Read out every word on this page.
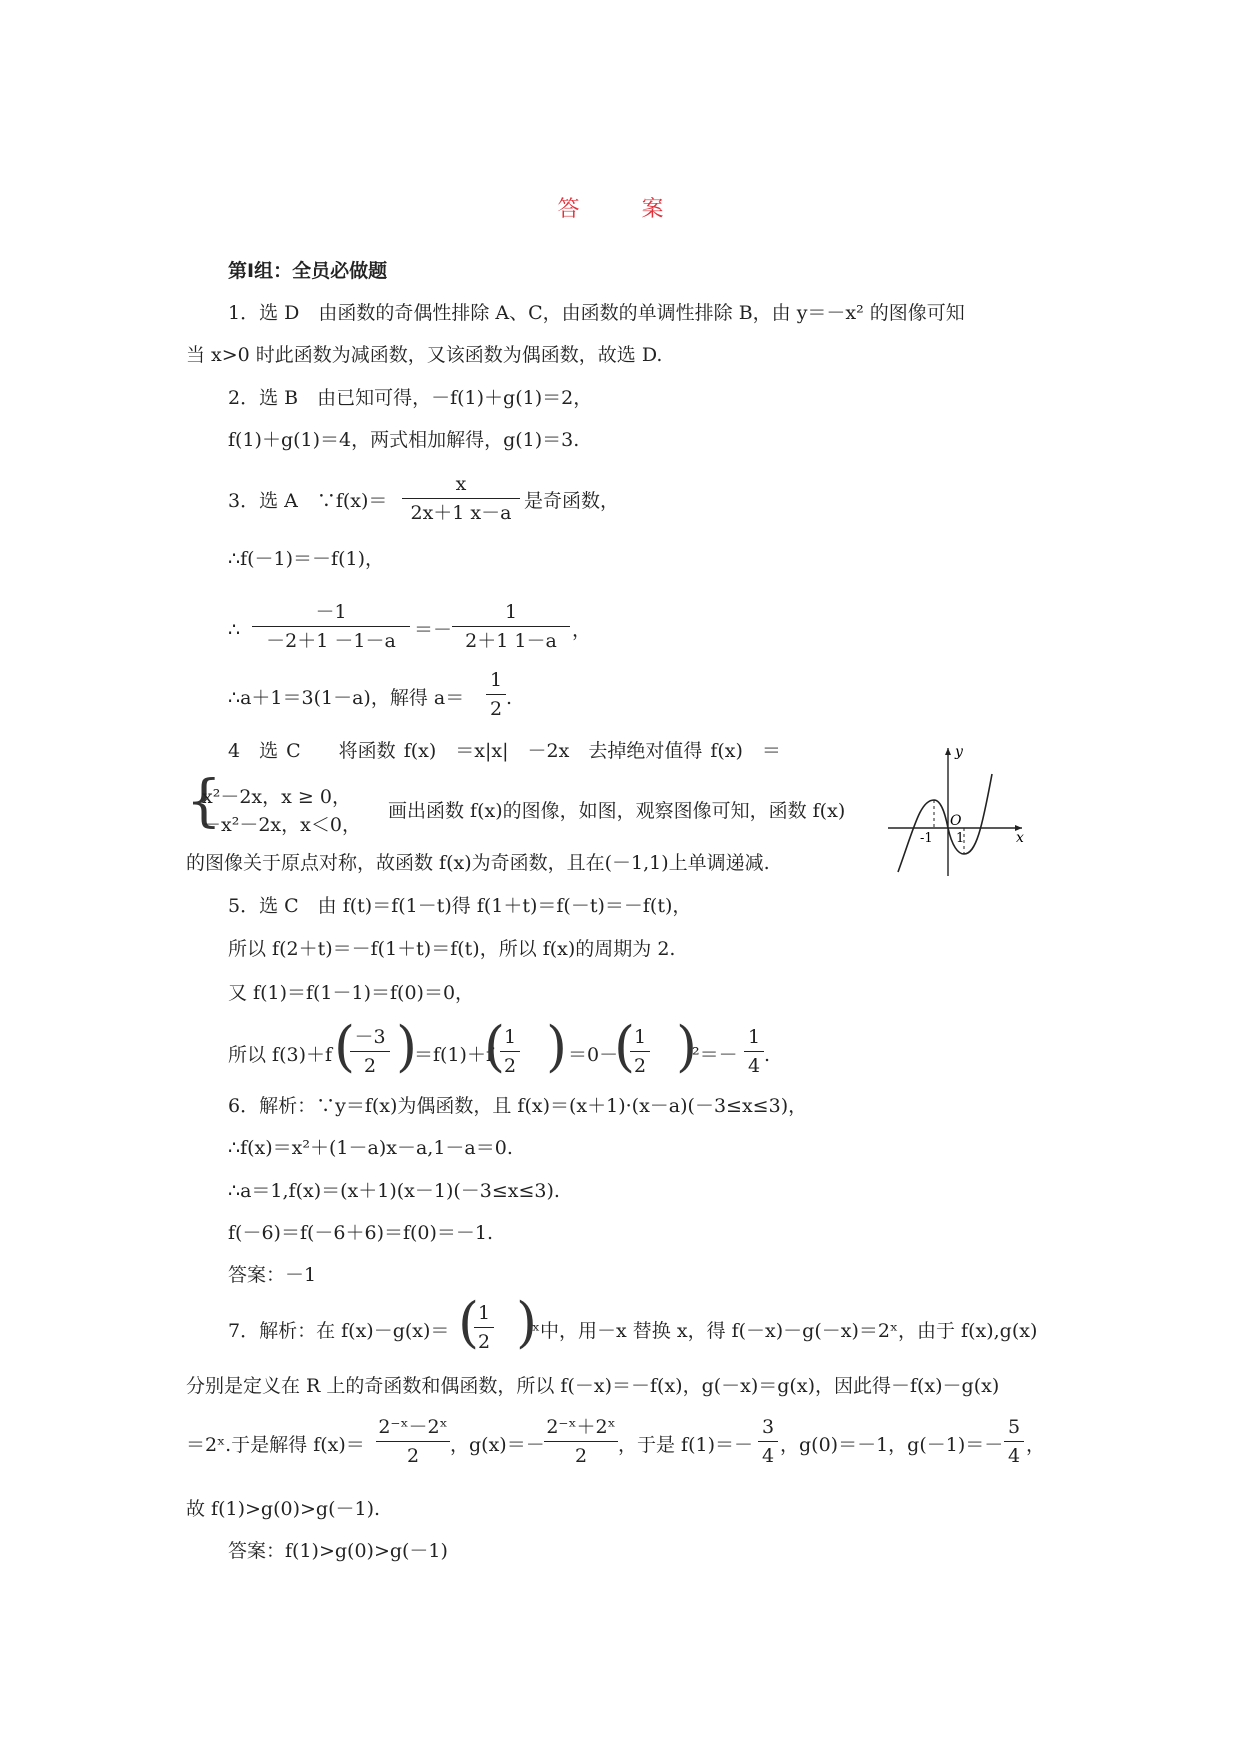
答　案
第Ⅰ组：全员必做题
1．选 D　由函数的奇偶性排除 A、C，由函数的单调性排除 B，由 y＝－x² 的图像可知
当 x>0 时此函数为减函数，又该函数为偶函数，故选 D.
2．选 B　由已知可得，－f(1)＋g(1)＝2，
f(1)＋g(1)＝4，两式相加解得，g(1)＝3.
3．选 A　∵f(x)＝
x
2x＋1 x－a
是奇函数，
∴f(－1)＝－f(1)，
∴
－1
－2＋1 －1－a ＝－
1
2＋1 1－a ，
∴a＋1＝3(1－a)，解得 a＝
1
2 .
4　选 C　　将函数 f(x)　＝x|x|　－2x　去掉绝对值得 f(x)　＝
{
x²－2x，x ≥ 0，
－x²－2x，x＜0，
画出函数 f(x)的图像，如图，观察图像可知，函数 f(x)
的图像关于原点对称，故函数 f(x)为奇函数，且在(－1,1)上单调递减.
y
x
O
-1 1
5．选 C　由 f(t)＝f(1－t)得 f(1＋t)＝f(－t)＝－f(t)，
所以 f(2＋t)＝－f(1＋t)＝f(t)，所以 f(x)的周期为 2.
又 f(1)＝f(1－1)＝f(0)＝0，
所以 f(3)＋f ( －3
2 )
＝f(1)＋f
(
1
2 ) ＝0－
(
1
2 )
²＝－
1
4 .
6．解析：∵y＝f(x)为偶函数，且 f(x)＝(x＋1)·(x－a)(－3≤x≤3)，
∴f(x)＝x²＋(1－a)x－a,1－a＝0.
∴a＝1,f(x)＝(x＋1)(x－1)(－3≤x≤3).
f(－6)＝f(－6＋6)＝f(0)＝－1.
答案：－1
7．解析：在 f(x)－g(x)＝ (
1
2 )
ˣ中，用－x 替换 x，得 f(－x)－g(－x)＝2ˣ，由于 f(x),g(x)
分别是定义在 R 上的奇函数和偶函数，所以 f(－x)＝－f(x)，g(－x)＝g(x)，因此得－f(x)－g(x)
＝2ˣ.于是解得 f(x)＝
2⁻ˣ－2ˣ
2	，g(x)＝－
2⁻ˣ＋2ˣ
2	，于是 f(1)＝－
3
4 ，g(0)＝－1，g(－1)＝－
5
4 ，
故 f(1)>g(0)>g(－1).
答案：f(1)>g(0)>g(－1)
